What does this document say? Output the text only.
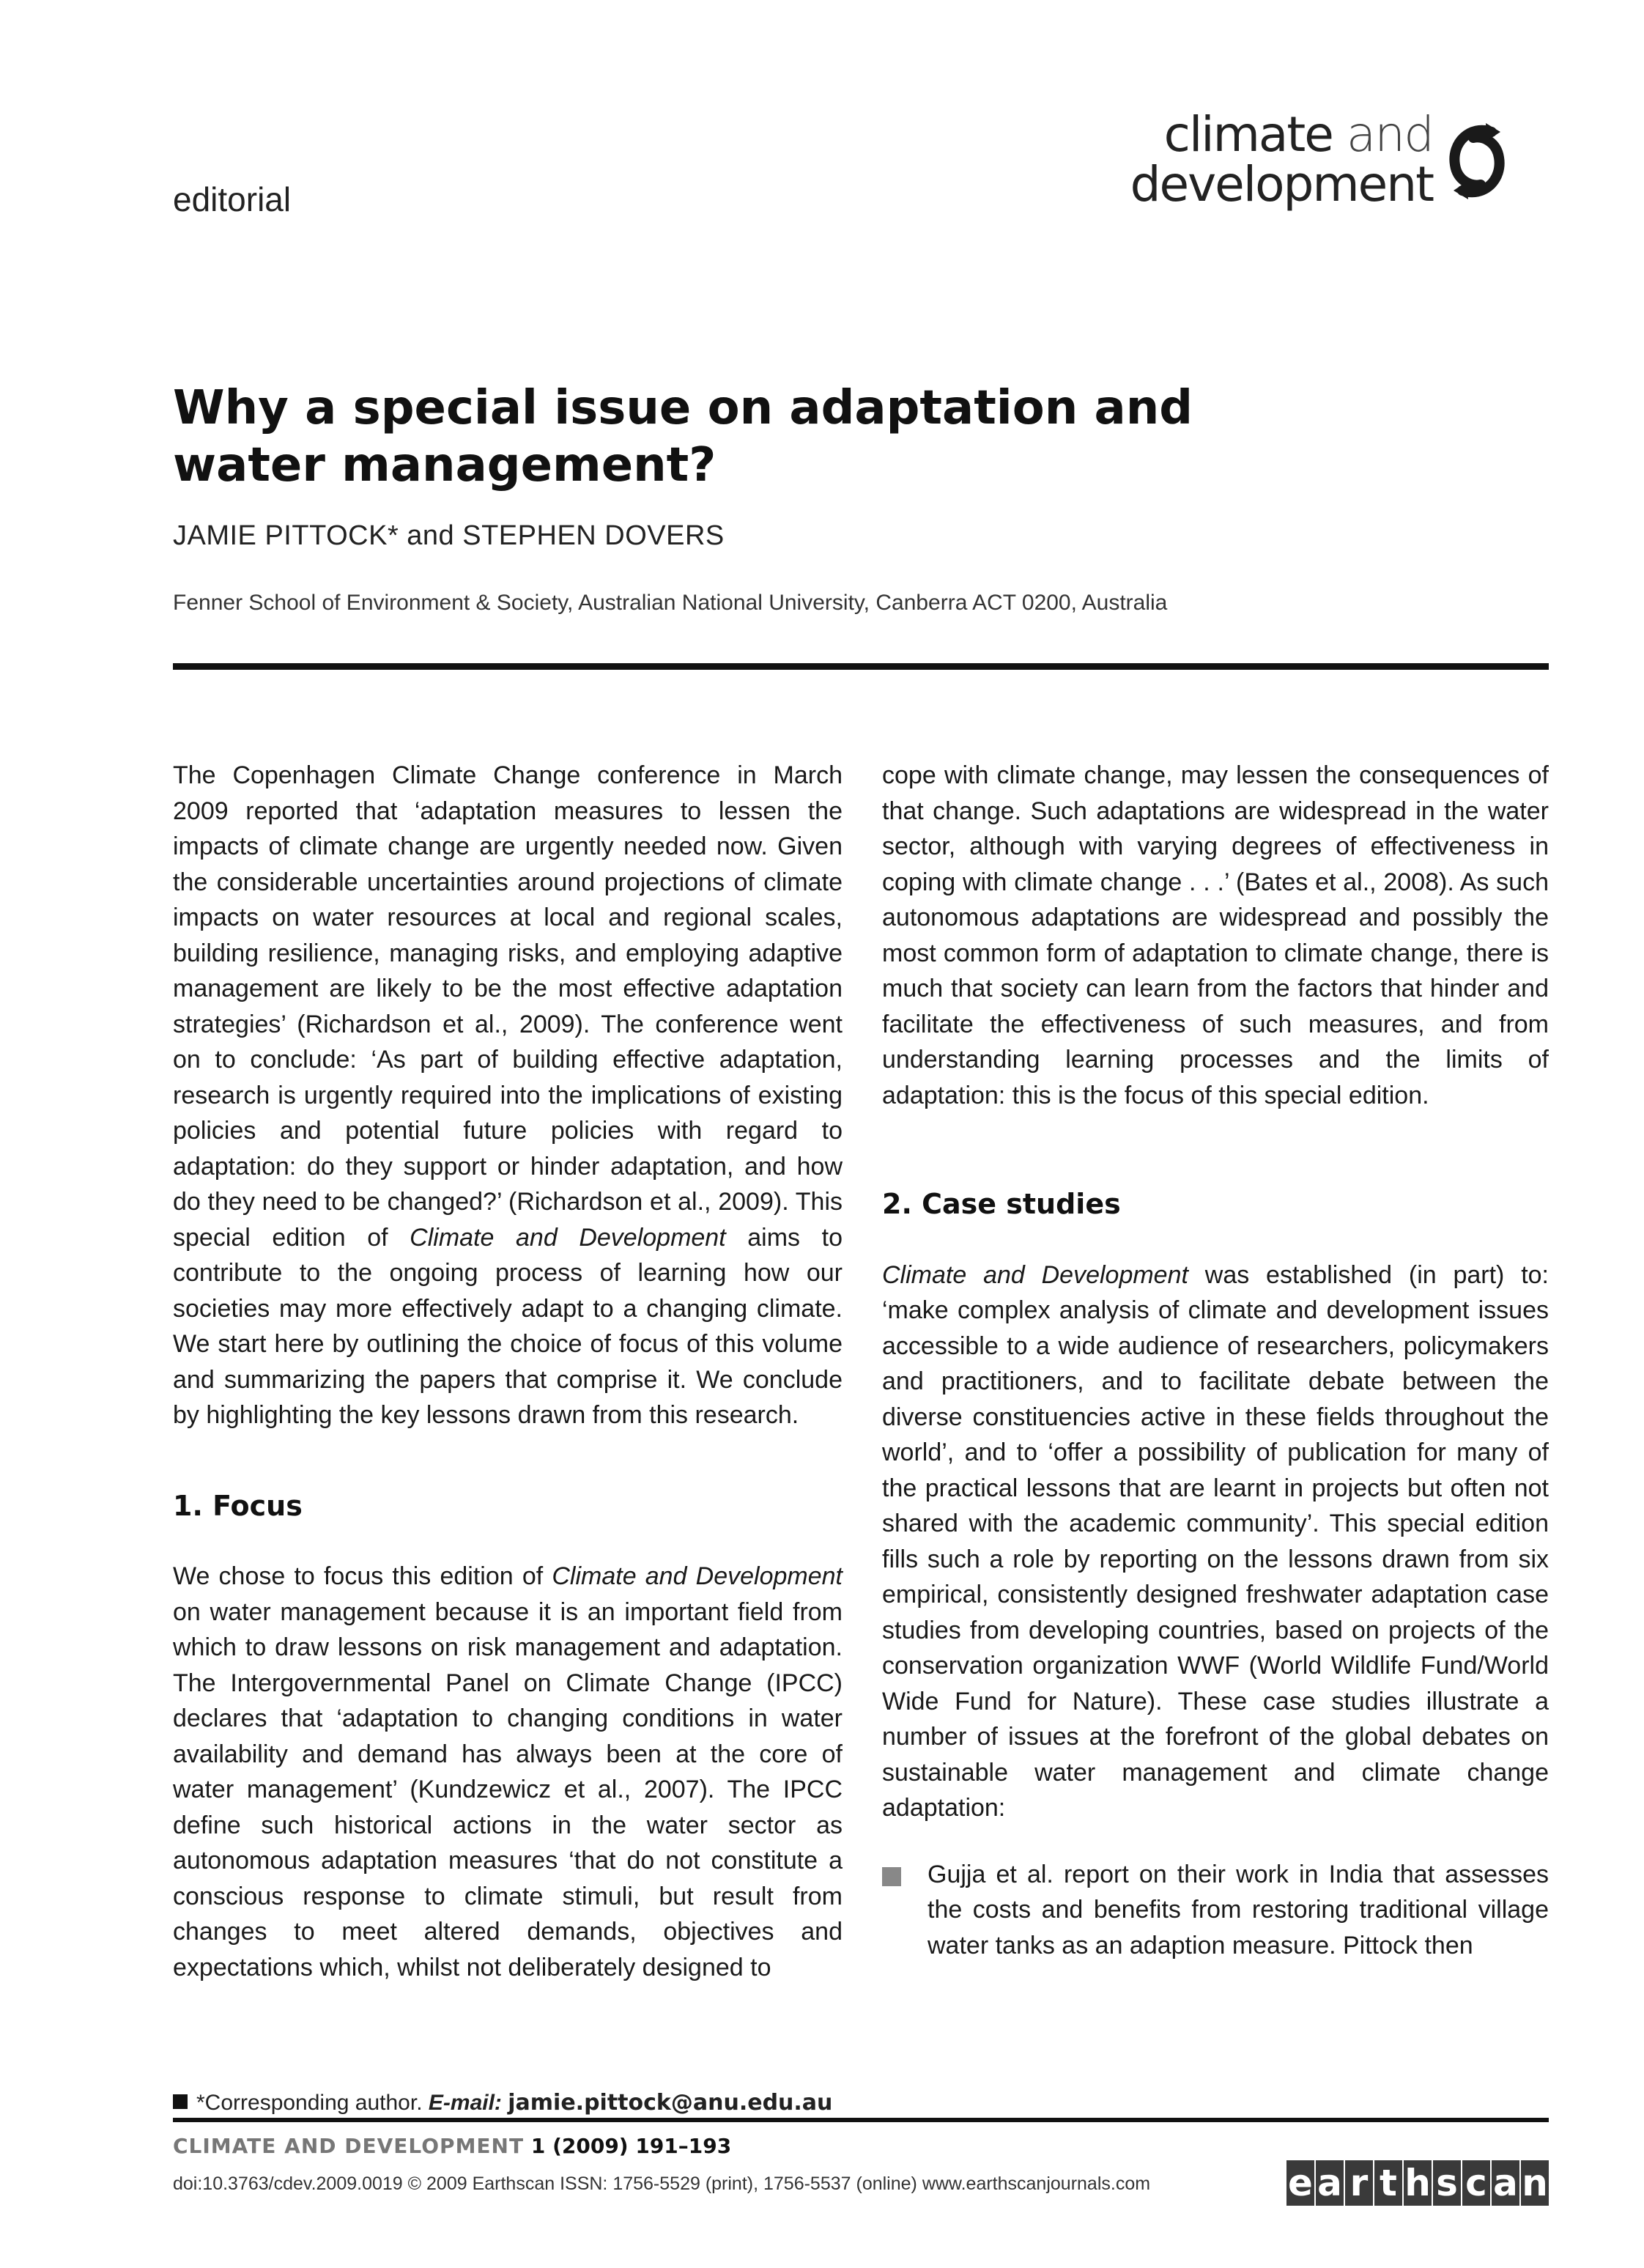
editorial
climate and
development
Why a special issue on adaptation and water management?
JAMIE PITTOCK* and STEPHEN DOVERS
Fenner School of Environment & Society, Australian National University, Canberra ACT 0200, Australia

The Copenhagen Climate Change conference in March 2009 reported that ‘adaptation measures to lessen the impacts of climate change are urgently needed now. Given the considerable uncertainties around projections of climate impacts on water resources at local and regional scales, building resilience, managing risks, and employing adaptive management are likely to be the most effective adaptation strategies’ (Richardson et al., 2009). The conference went on to conclude: ‘As part of building effective adaptation, research is urgently required into the implications of existing policies and potential future policies with regard to adaptation: do they support or hinder adaptation, and how do they need to be changed?’ (Richardson et al., 2009). This special edition of Climate and Development aims to contribute to the ongoing process of learning how our societies may more effectively adapt to a changing climate. We start here by outlining the choice of focus of this volume and summarizing the papers that comprise it. We conclude by highlighting the key lessons drawn from this research.

1. Focus

We chose to focus this edition of Climate and Development on water management because it is an important field from which to draw lessons on risk management and adaptation. The Intergovernmental Panel on Climate Change (IPCC) declares that ‘adaptation to changing conditions in water availability and demand has always been at the core of water management’ (Kundzewicz et al., 2007). The IPCC define such historical actions in the water sector as autonomous adaptation measures ‘that do not constitute a conscious response to climate stimuli, but result from changes to meet altered demands, objectives and expectations which, whilst not deliberately designed to

cope with climate change, may lessen the consequences of that change. Such adaptations are widespread in the water sector, although with varying degrees of effectiveness in coping with climate change . . .’ (Bates et al., 2008). As such autonomous adaptations are widespread and possibly the most common form of adaptation to climate change, there is much that society can learn from the factors that hinder and facilitate the effectiveness of such measures, and from understanding learning processes and the limits of adaptation: this is the focus of this special edition.

2. Case studies

Climate and Development was established (in part) to: ‘make complex analysis of climate and development issues accessible to a wide audience of researchers, policymakers and practitioners, and to facilitate debate between the diverse constituencies active in these fields throughout the world’, and to ‘offer a possibility of publication for many of the practical lessons that are learnt in projects but often not shared with the academic community’. This special edition fills such a role by reporting on the lessons drawn from six empirical, consistently designed freshwater adaptation case studies from developing countries, based on projects of the conservation organization WWF (World Wildlife Fund/World Wide Fund for Nature). These case studies illustrate a number of issues at the forefront of the global debates on sustainable water management and climate change adaptation:

Gujja et al. report on their work in India that assesses the costs and benefits from restoring traditional village water tanks as an adaption measure. Pittock then

*Corresponding author. E-mail: jamie.pittock@anu.edu.au
CLIMATE AND DEVELOPMENT 1 (2009) 191–193
doi:10.3763/cdev.2009.0019 © 2009 Earthscan ISSN: 1756-5529 (print), 1756-5537 (online) www.earthscanjournals.com	e a r t h s c a n
